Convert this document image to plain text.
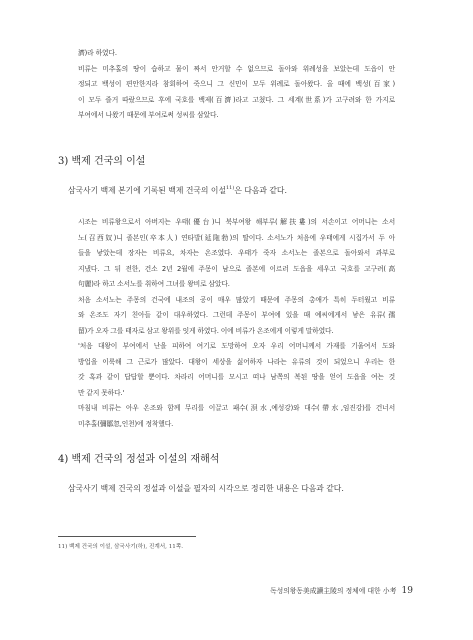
濟)라 하였다.
비류는 미추홀의 땅이 습하고 물이 짜서 안거할 수 없으므로 돌아와 위례성을 보았는데 도읍이 안
정되고 백성이 편안한지라 참회하여 죽으니 그 신민이 모두 위례로 돌아왔다. 올 때에 백성(百家)
이 모두 즐거 따랐으므로 후에 국호를 백제(百濟)라고 고쳤다. 그 세계(世系)가 고구려와 한 가지로
부여에서 나왔기 때문에 부여로써 성씨를 삼았다.
3) 백제 건국의 이설
삼국사기 백제 본기에 기록된 백제 건국의 이설$^{11)}$은 다음과 같다.
시조는 비류왕으로서 아버지는 우태(優台)니 북부여왕 해부루(解扶婁)의 서손이고 어머니는 소서
노(召西奴)니 졸본인(卒本人) 연타발(延陁勃)의 딸이다. 소서노가 처음에 우태에게 시집가서 두 아
들을 낳았는데 장자는 비류요, 차자는 온조였다. 우태가 죽자 소서노는 졸본으로 돌아와서 과부로
지냈다. 그 뒤 전한, 건소 2년 2월에 주몽이 남으로 졸본에 이르러 도읍을 세우고 국호를 고구려(高
句麗)라 하고 소서노를 취하여 그녀를 왕비로 삼았다.
처음 소서노는 주몽의 건국에 내조의 공이 매우 많았기 때문에 주몽의 총애가 특히 두터웠고 비류
와 온조도 자기 친아들 같이 대우하였다. 그런데 주몽이 부여에 있을 때 예씨에게서 낳은 유류(孺
留)가 오자 그를 태자로 삼고 왕위를 잇게 하였다. 이에 비류가 온조에게 이렇게 말하였다.
'처음 대왕이 부여에서 난을 피하여 여기로 도망하여 오자 우리 어머니께서 가재를 기울여서 도와
방업을 이룩해 그 근로가 많았다. 대왕이 세상을 싫어하자 나라는 유류의 것이 되었으니 우리는 한
갓 혹과 같이 답답할 뿐이다. 차라리 어머니를 모시고 떠나 남쪽의 복된 땅을 얻어 도읍을 여는 것
만 같지 못하다.'
마침내 비류는 아우 온조와 함께 무리를 이끌고 패수(浿水,예성강)와 대수(帶水,임진강)를 건너서
미추홀(彌鄒忽,인천)에 정착했다.
4) 백제 건국의 정설과 이설의 재해석
삼국사기 백제 건국의 정설과 이설을 필자의 시각으로 정리한 내용은 다음과 같다.
11) 백제 건국의 이설, 삼국사기(하), 진계서, 11쪽.
독성의왕동美成讀主陵의 정체에 대한 小考 19
